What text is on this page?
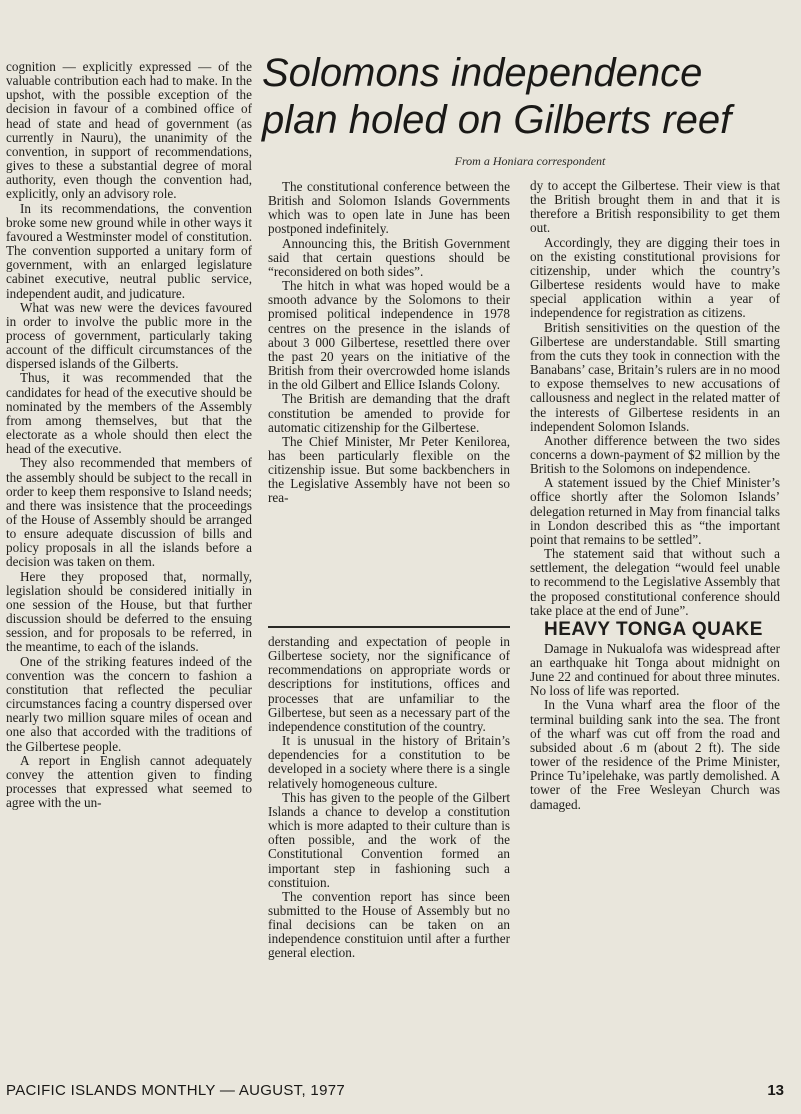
Solomons independence
plan holed on Gilberts reef
From a Honiara correspondent

cognition — explicitly expressed — of the valuable contribution each had to make. In the upshot, with the possible exception of the decision in favour of a combined office of head of state and head of government (as currently in Nauru), the unanimity of the convention, in support of recommendations, gives to these a substantial degree of moral authority, even though the convention had, explicitly, only an advisory role.

In its recommendations, the convention broke some new ground while in other ways it favoured a Westminster model of constitution. The convention supported a unitary form of government, with an enlarged legislature cabinet executive, neutral public service, independent audit, and judicature.

What was new were the devices favoured in order to involve the public more in the process of government, particularly taking account of the difficult circumstances of the dispersed islands of the Gilberts.

Thus, it was recommended that the candidates for head of the executive should be nominated by the members of the Assembly from among themselves, but that the electorate as a whole should then elect the head of the executive.

They also recommended that members of the assembly should be subject to the recall in order to keep them responsive to Island needs; and there was insistence that the proceedings of the House of Assembly should be arranged to ensure adequate discussion of bills and policy proposals in all the islands before a decision was taken on them.

Here they proposed that, normally, legislation should be considered initially in one session of the House, but that further discussion should be deferred to the ensuing session, and for proposals to be referred, in the meantime, to each of the islands.

One of the striking features indeed of the convention was the concern to fashion a constitution that reflected the peculiar circumstances facing a country dispersed over nearly two million square miles of ocean and one also that accorded with the traditions of the Gilbertese people.

A report in English cannot adequately convey the attention given to finding processes that expressed what seemed to agree with the un-

The constitutional conference between the British and Solomon Islands Governments which was to open late in June has been postponed indefinitely.

Announcing this, the British Government said that certain questions should be “reconsidered on both sides”.

The hitch in what was hoped would be a smooth advance by the Solomons to their promised political independence in 1978 centres on the presence in the islands of about 3 000 Gilbertese, resettled there over the past 20 years on the initiative of the British from their overcrowded home islands in the old Gilbert and Ellice Islands Colony.

The British are demanding that the draft constitution be amended to provide for automatic citizenship for the Gilbertese.

The Chief Minister, Mr Peter Kenilorea, has been particularly flexible on the citizenship issue. But some backbenchers in the Legislative Assembly have not been so rea-

derstanding and expectation of people in Gilbertese society, nor the significance of recommendations on appropriate words or descriptions for institutions, offices and processes that are unfamiliar to the Gilbertese, but seen as a necessary part of the independence constitution of the country.

It is unusual in the history of Britain’s dependencies for a constitution to be developed in a society where there is a single relatively homogeneous culture.

This has given to the people of the Gilbert Islands a chance to develop a constitution which is more adapted to their culture than is often possible, and the work of the Constitutional Convention formed an important step in fashioning such a constituion.

The convention report has since been submitted to the House of Assembly but no final decisions can be taken on an independence constituion until after a further general election.

dy to accept the Gilbertese. Their view is that the British brought them in and that it is therefore a British responsibility to get them out.

Accordingly, they are digging their toes in on the existing constitutional provisions for citizenship, under which the country’s Gilbertese residents would have to make special application within a year of independence for registration as citizens.

British sensitivities on the question of the Gilbertese are understandable. Still smarting from the cuts they took in connection with the Banabans’ case, Britain’s rulers are in no mood to expose themselves to new accusations of callousness and neglect in the related matter of the interests of Gilbertese residents in an independent Solomon Islands.

Another difference between the two sides concerns a down-payment of $2 million by the British to the Solomons on independence.

A statement issued by the Chief Minister’s office shortly after the Solomon Islands’ delegation returned in May from financial talks in London described this as “the important point that remains to be settled”.

The statement said that without such a settlement, the delegation “would feel unable to recommend to the Legislative Assembly that the proposed constitutional conference should take place at the end of June”.

HEAVY TONGA QUAKE

Damage in Nukualofa was widespread after an earthquake hit Tonga about midnight on June 22 and continued for about three minutes. No loss of life was reported.

In the Vuna wharf area the floor of the terminal building sank into the sea. The front of the wharf was cut off from the road and subsided about .6 m (about 2 ft). The side tower of the residence of the Prime Minister, Prince Tu’ipelehake, was partly demolished. A tower of the Free Wesleyan Church was damaged.

PACIFIC ISLANDS MONTHLY — AUGUST, 1977	13
